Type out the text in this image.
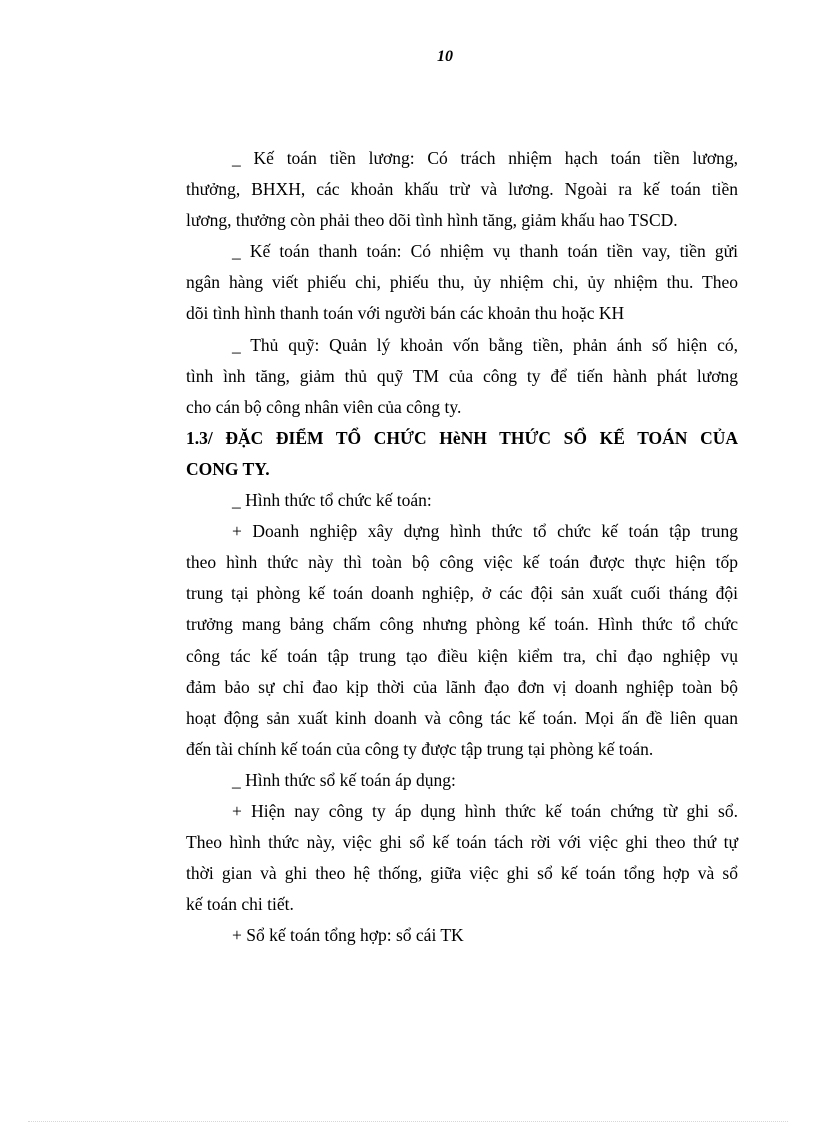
10
_ Kế toán tiền lương: Có trách nhiệm hạch toán tiền lương,
thưởng, BHXH, các khoản khấu trừ và lương. Ngoài ra kế toán tiền
lương, thưởng còn phải theo dõi tình hình tăng, giảm khấu hao TSCD.
_ Kế toán thanh toán: Có nhiệm vụ thanh toán tiền vay, tiền gửi
ngân hàng viết phiếu chi, phiếu thu, ủy nhiệm chi, ủy nhiệm thu. Theo
dõi tình hình thanh toán với người bán các khoản thu hoặc KH
_ Thủ quỹ: Quản lý khoản vốn bằng tiền, phản ánh số hiện có,
tình ình tăng, giảm thủ quỹ TM của công ty để tiến hành phát lương
cho cán bộ công nhân viên của công ty.
1.3/ ĐẶC ĐIỂM TỔ CHỨC HèNH THỨC SỔ KẾ TOÁN CỦA
CONG TY.
_ Hình thức tổ chức kế toán:
+ Doanh nghiệp xây dựng hình thức tổ chức kế toán tập trung
theo hình thức này thì toàn bộ công việc kế toán được thực hiện tốp
trung tại phòng kế toán doanh nghiệp, ở các đội sản xuất cuối tháng đội
trưởng mang bảng chấm công nhưng phòng kế toán. Hình thức tổ chức
công tác kế toán tập trung tạo điều kiện kiểm tra, chỉ đạo nghiệp vụ
đảm bảo sự chỉ đao kịp thời của lãnh đạo đơn vị doanh nghiệp toàn bộ
hoạt động sản xuất kinh doanh và công tác kế toán. Mọi ấn đề liên quan
đến tài chính kế toán của công ty được tập trung tại phòng kế toán.
_ Hình thức sổ kế toán áp dụng:
+ Hiện nay công ty áp dụng hình thức kế toán chứng từ ghi sổ.
Theo hình thức này, việc ghi sổ kế toán tách rời với việc ghi theo thứ tự
thời gian và ghi theo hệ thống, giữa việc ghi sổ kế toán tổng hợp và sổ
kế toán chi tiết.
+ Sổ kế toán tổng hợp: sổ cái TK
